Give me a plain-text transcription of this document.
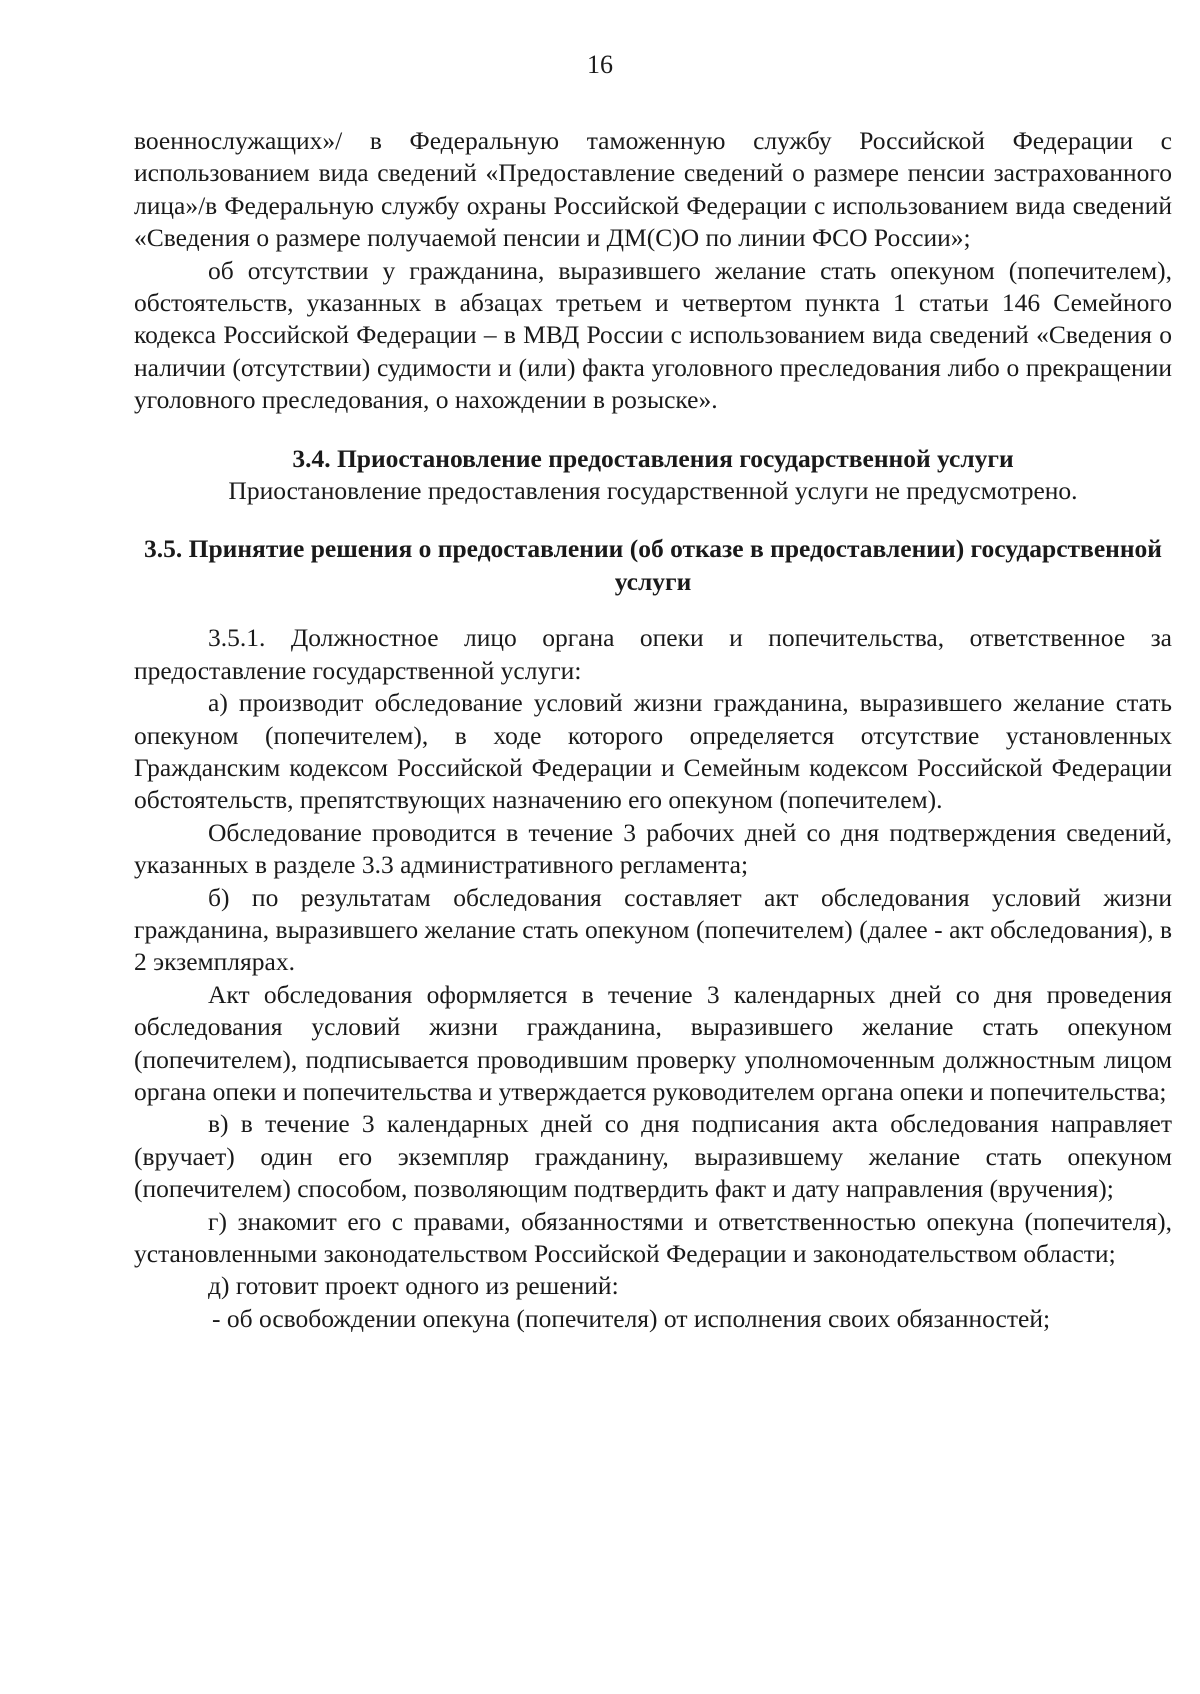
16

военнослужащих»/ в Федеральную таможенную службу Российской Федерации с использованием вида сведений «Предоставление сведений о размере пенсии застрахованного лица»/в Федеральную службу охраны Российской Федерации с использованием вида сведений «Сведения о размере получаемой пенсии и ДМ(С)О по линии ФСО России»;

об отсутствии у гражданина, выразившего желание стать опекуном (попечителем), обстоятельств, указанных в абзацах третьем и четвертом пункта 1 статьи 146 Семейного кодекса Российской Федерации – в МВД России с использованием вида сведений «Сведения о наличии (отсутствии) судимости и (или) факта уголовного преследования либо о прекращении уголовного преследования, о нахождении в розыске».

3.4. Приостановление предоставления государственной услуги

Приостановление предоставления государственной услуги не предусмотрено.

3.5. Принятие решения о предоставлении (об отказе в предоставлении) государственной услуги

3.5.1. Должностное лицо органа опеки и попечительства, ответственное за предоставление государственной услуги:

а) производит обследование условий жизни гражданина, выразившего желание стать опекуном (попечителем), в ходе которого определяется отсутствие установленных Гражданским кодексом Российской Федерации и Семейным кодексом Российской Федерации обстоятельств, препятствующих назначению его опекуном (попечителем).

Обследование проводится в течение 3 рабочих дней со дня подтверждения сведений, указанных в разделе 3.3 административного регламента;

б) по результатам обследования составляет акт обследования условий жизни гражданина, выразившего желание стать опекуном (попечителем) (далее - акт обследования), в 2 экземплярах.

Акт обследования оформляется в течение 3 календарных дней со дня проведения обследования условий жизни гражданина, выразившего желание стать опекуном (попечителем), подписывается проводившим проверку уполномоченным должностным лицом органа опеки и попечительства и утверждается руководителем органа опеки и попечительства;

в) в течение 3 календарных дней со дня подписания акта обследования направляет (вручает) один его экземпляр гражданину, выразившему желание стать опекуном (попечителем) способом, позволяющим подтвердить факт и дату направления (вручения);

г) знакомит его с правами, обязанностями и ответственностью опекуна (попечителя), установленными законодательством Российской Федерации и законодательством области;

д) готовит проект одного из решений:

- об освобождении опекуна (попечителя) от исполнения своих обязанностей;
